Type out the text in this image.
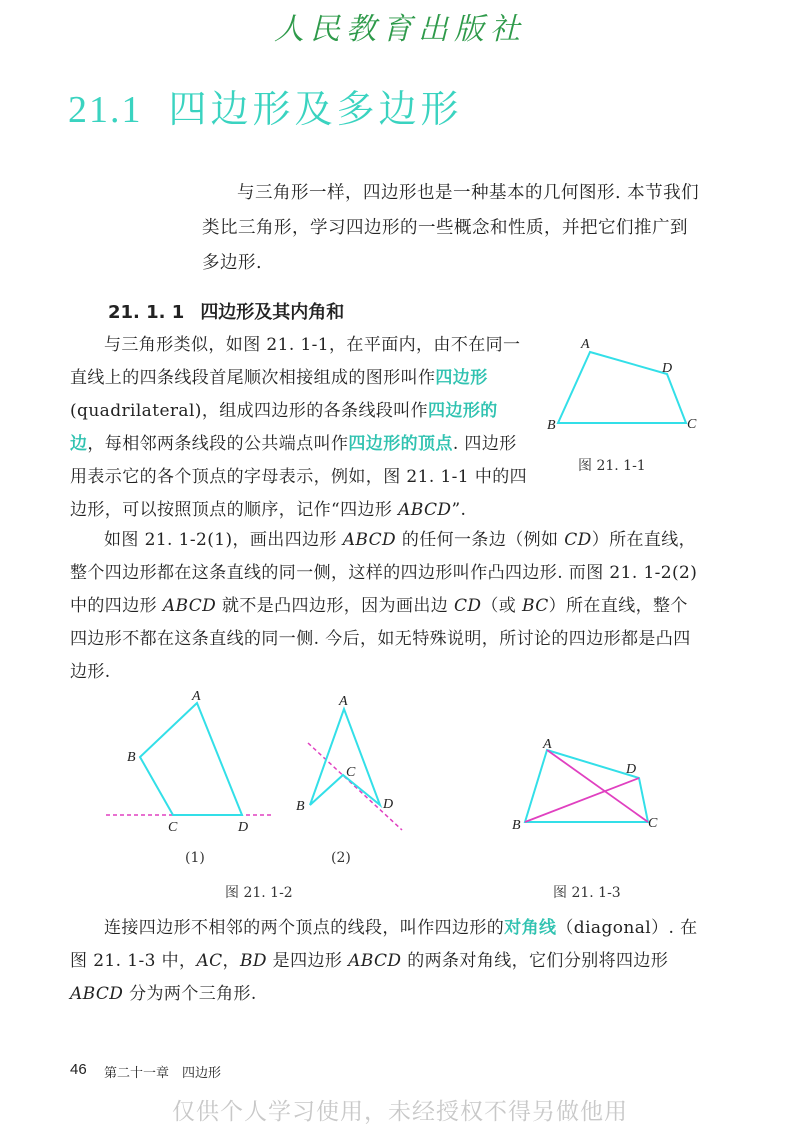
人民教育出版社
21.1 四边形及多边形
与三角形一样，四边形也是一种基本的几何图形. 本节我们类比三角形，学习四边形的一些概念和性质，并把它们推广到多边形.
21. 1. 1 四边形及其内角和
与三角形类似，如图 21. 1-1，在平面内，由不在同一直线上的四条线段首尾顺次相接组成的图形叫作四边形(quadrilateral)，组成四边形的各条线段叫作四边形的边，每相邻两条线段的公共端点叫作四边形的顶点. 四边形用表示它的各个顶点的字母表示，例如，图 21. 1-1 中的四边形，可以按照顶点的顺序，记作“四边形 ABCD”.
A
B	C
D
图 21. 1-1
如图 21. 1-2(1)，画出四边形 ABCD 的任何一条边（例如 CD）所在直线，整个四边形都在这条直线的同一侧，这样的四边形叫作凸四边形. 而图 21. 1-2(2)中的四边形 ABCD 就不是凸四边形，因为画出边 CD（或 BC）所在直线，整个四边形不都在这条直线的同一侧. 今后，如无特殊说明，所讨论的四边形都是凸四边形.
A
B
C	D
A
B
C
D
(1)	(2)
图 21. 1-2
A
B	C
D
图 21. 1-3
连接四边形不相邻的两个顶点的线段，叫作四边形的对角线（diagonal）. 在图 21. 1-3 中，AC，BD 是四边形 ABCD 的两条对角线，它们分别将四边形 ABCD 分为两个三角形.
46 第二十一章　四边形
仅供个人学习使用，未经授权不得另做他用
